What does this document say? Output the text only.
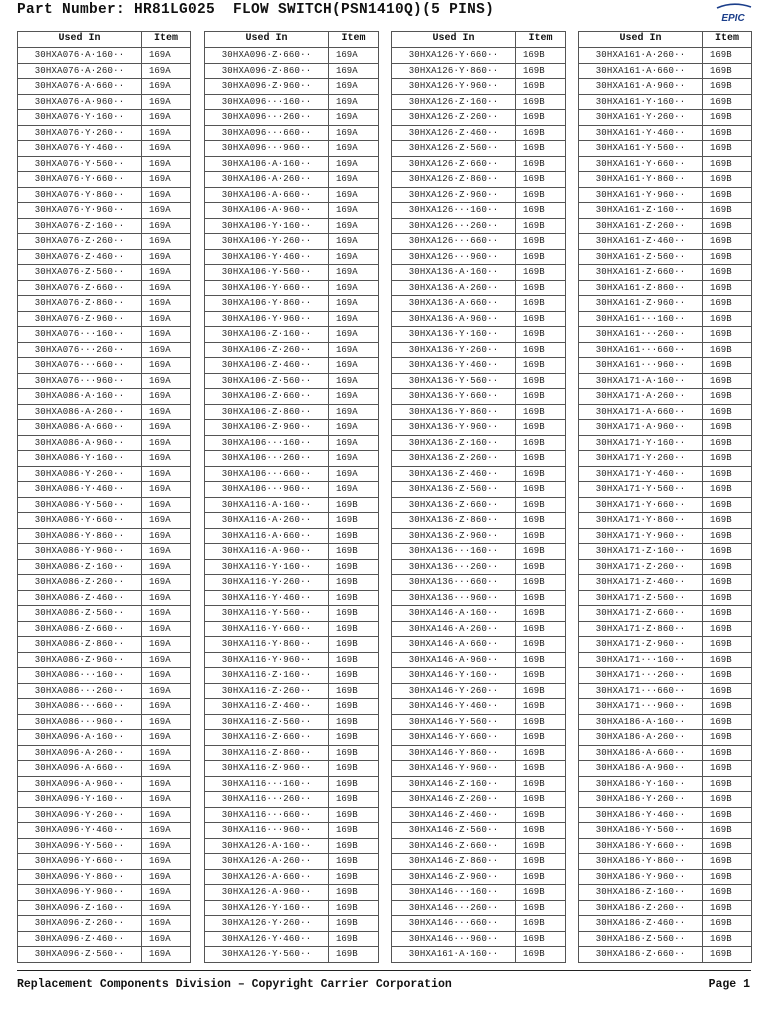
Part Number: HR81LG025  FLOW SWITCH(PSN1410Q)(5 PINS)
EPIC
Used In	Item
30HXA076·A·160··	169A
30HXA076·A·260··	169A
30HXA076·A·660··	169A
30HXA076·A·960··	169A
30HXA076·Y·160··	169A
30HXA076·Y·260··	169A
30HXA076·Y·460··	169A
30HXA076·Y·560··	169A
30HXA076·Y·660··	169A
30HXA076·Y·860··	169A
30HXA076·Y·960··	169A
30HXA076·Z·160··	169A
30HXA076·Z·260··	169A
30HXA076·Z·460··	169A
30HXA076·Z·560··	169A
30HXA076·Z·660··	169A
30HXA076·Z·860··	169A
30HXA076·Z·960··	169A
30HXA076···160··	169A
30HXA076···260··	169A
30HXA076···660··	169A
30HXA076···960··	169A
30HXA086·A·160··	169A
30HXA086·A·260··	169A
30HXA086·A·660··	169A
30HXA086·A·960··	169A
30HXA086·Y·160··	169A
30HXA086·Y·260··	169A
30HXA086·Y·460··	169A
30HXA086·Y·560··	169A
30HXA086·Y·660··	169A
30HXA086·Y·860··	169A
30HXA086·Y·960··	169A
30HXA086·Z·160··	169A
30HXA086·Z·260··	169A
30HXA086·Z·460··	169A
30HXA086·Z·560··	169A
30HXA086·Z·660··	169A
30HXA086·Z·860··	169A
30HXA086·Z·960··	169A
30HXA086···160··	169A
30HXA086···260··	169A
30HXA086···660··	169A
30HXA086···960··	169A
30HXA096·A·160··	169A
30HXA096·A·260··	169A
30HXA096·A·660··	169A
30HXA096·A·960··	169A
30HXA096·Y·160··	169A
30HXA096·Y·260··	169A
30HXA096·Y·460··	169A
30HXA096·Y·560··	169A
30HXA096·Y·660··	169A
30HXA096·Y·860··	169A
30HXA096·Y·960··	169A
30HXA096·Z·160··	169A
30HXA096·Z·260··	169A
30HXA096·Z·460··	169A
30HXA096·Z·560··	169A
Used In	Item
30HXA096·Z·660··	169A
30HXA096·Z·860··	169A
30HXA096·Z·960··	169A
30HXA096···160··	169A
30HXA096···260··	169A
30HXA096···660··	169A
30HXA096···960··	169A
30HXA106·A·160··	169A
30HXA106·A·260··	169A
30HXA106·A·660··	169A
30HXA106·A·960··	169A
30HXA106·Y·160··	169A
30HXA106·Y·260··	169A
30HXA106·Y·460··	169A
30HXA106·Y·560··	169A
30HXA106·Y·660··	169A
30HXA106·Y·860··	169A
30HXA106·Y·960··	169A
30HXA106·Z·160··	169A
30HXA106·Z·260··	169A
30HXA106·Z·460··	169A
30HXA106·Z·560··	169A
30HXA106·Z·660··	169A
30HXA106·Z·860··	169A
30HXA106·Z·960··	169A
30HXA106···160··	169A
30HXA106···260··	169A
30HXA106···660··	169A
30HXA106···960··	169A
30HXA116·A·160··	169B
30HXA116·A·260··	169B
30HXA116·A·660··	169B
30HXA116·A·960··	169B
30HXA116·Y·160··	169B
30HXA116·Y·260··	169B
30HXA116·Y·460··	169B
30HXA116·Y·560··	169B
30HXA116·Y·660··	169B
30HXA116·Y·860··	169B
30HXA116·Y·960··	169B
30HXA116·Z·160··	169B
30HXA116·Z·260··	169B
30HXA116·Z·460··	169B
30HXA116·Z·560··	169B
30HXA116·Z·660··	169B
30HXA116·Z·860··	169B
30HXA116·Z·960··	169B
30HXA116···160··	169B
30HXA116···260··	169B
30HXA116···660··	169B
30HXA116···960··	169B
30HXA126·A·160··	169B
30HXA126·A·260··	169B
30HXA126·A·660··	169B
30HXA126·A·960··	169B
30HXA126·Y·160··	169B
30HXA126·Y·260··	169B
30HXA126·Y·460··	169B
30HXA126·Y·560··	169B
Used In	Item
30HXA126·Y·660··	169B
30HXA126·Y·860··	169B
30HXA126·Y·960··	169B
30HXA126·Z·160··	169B
30HXA126·Z·260··	169B
30HXA126·Z·460··	169B
30HXA126·Z·560··	169B
30HXA126·Z·660··	169B
30HXA126·Z·860··	169B
30HXA126·Z·960··	169B
30HXA126···160··	169B
30HXA126···260··	169B
30HXA126···660··	169B
30HXA126···960··	169B
30HXA136·A·160··	169B
30HXA136·A·260··	169B
30HXA136·A·660··	169B
30HXA136·A·960··	169B
30HXA136·Y·160··	169B
30HXA136·Y·260··	169B
30HXA136·Y·460··	169B
30HXA136·Y·560··	169B
30HXA136·Y·660··	169B
30HXA136·Y·860··	169B
30HXA136·Y·960··	169B
30HXA136·Z·160··	169B
30HXA136·Z·260··	169B
30HXA136·Z·460··	169B
30HXA136·Z·560··	169B
30HXA136·Z·660··	169B
30HXA136·Z·860··	169B
30HXA136·Z·960··	169B
30HXA136···160··	169B
30HXA136···260··	169B
30HXA136···660··	169B
30HXA136···960··	169B
30HXA146·A·160··	169B
30HXA146·A·260··	169B
30HXA146·A·660··	169B
30HXA146·A·960··	169B
30HXA146·Y·160··	169B
30HXA146·Y·260··	169B
30HXA146·Y·460··	169B
30HXA146·Y·560··	169B
30HXA146·Y·660··	169B
30HXA146·Y·860··	169B
30HXA146·Y·960··	169B
30HXA146·Z·160··	169B
30HXA146·Z·260··	169B
30HXA146·Z·460··	169B
30HXA146·Z·560··	169B
30HXA146·Z·660··	169B
30HXA146·Z·860··	169B
30HXA146·Z·960··	169B
30HXA146···160··	169B
30HXA146···260··	169B
30HXA146···660··	169B
30HXA146···960··	169B
30HXA161·A·160··	169B
Used In	Item
30HXA161·A·260··	169B
30HXA161·A·660··	169B
30HXA161·A·960··	169B
30HXA161·Y·160··	169B
30HXA161·Y·260··	169B
30HXA161·Y·460··	169B
30HXA161·Y·560··	169B
30HXA161·Y·660··	169B
30HXA161·Y·860··	169B
30HXA161·Y·960··	169B
30HXA161·Z·160··	169B
30HXA161·Z·260··	169B
30HXA161·Z·460··	169B
30HXA161·Z·560··	169B
30HXA161·Z·660··	169B
30HXA161·Z·860··	169B
30HXA161·Z·960··	169B
30HXA161···160··	169B
30HXA161···260··	169B
30HXA161···660··	169B
30HXA161···960··	169B
30HXA171·A·160··	169B
30HXA171·A·260··	169B
30HXA171·A·660··	169B
30HXA171·A·960··	169B
30HXA171·Y·160··	169B
30HXA171·Y·260··	169B
30HXA171·Y·460··	169B
30HXA171·Y·560··	169B
30HXA171·Y·660··	169B
30HXA171·Y·860··	169B
30HXA171·Y·960··	169B
30HXA171·Z·160··	169B
30HXA171·Z·260··	169B
30HXA171·Z·460··	169B
30HXA171·Z·560··	169B
30HXA171·Z·660··	169B
30HXA171·Z·860··	169B
30HXA171·Z·960··	169B
30HXA171···160··	169B
30HXA171···260··	169B
30HXA171···660··	169B
30HXA171···960··	169B
30HXA186·A·160··	169B
30HXA186·A·260··	169B
30HXA186·A·660··	169B
30HXA186·A·960··	169B
30HXA186·Y·160··	169B
30HXA186·Y·260··	169B
30HXA186·Y·460··	169B
30HXA186·Y·560··	169B
30HXA186·Y·660··	169B
30HXA186·Y·860··	169B
30HXA186·Y·960··	169B
30HXA186·Z·160··	169B
30HXA186·Z·260··	169B
30HXA186·Z·460··	169B
30HXA186·Z·560··	169B
30HXA186·Z·660··	169B
Replacement Components Division – Copyright Carrier Corporation	Page 1
